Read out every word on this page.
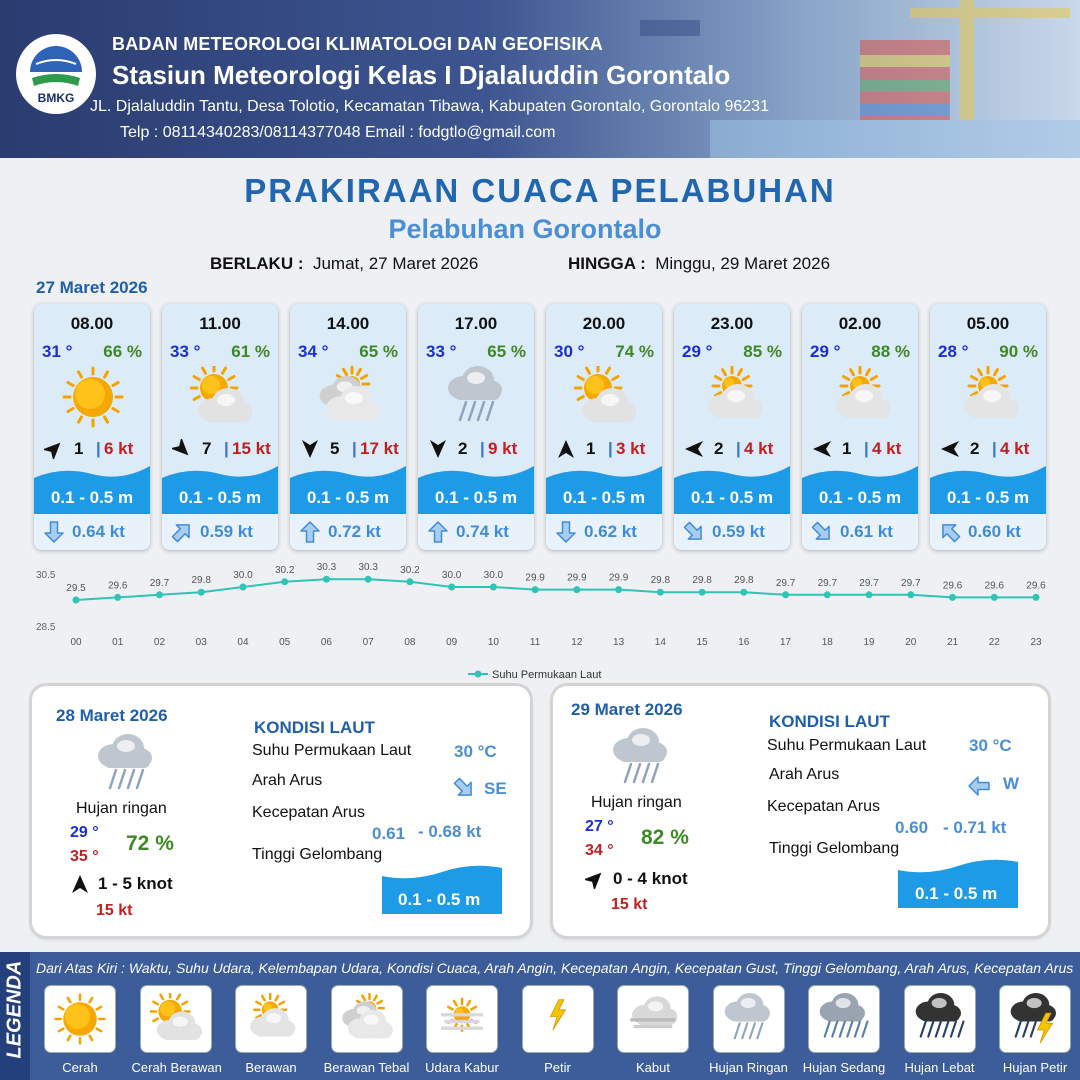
BMKG
BADAN METEOROLOGI KLIMATOLOGI DAN GEOFISIKA
Stasiun Meteorologi Kelas I Djalaluddin Gorontalo
JL. Djalaluddin Tantu, Desa Tolotio, Kecamatan Tibawa, Kabupaten Gorontalo, Gorontalo 96231
Telp : 08114340283/08114377048 Email : fodgtlo@gmail.com
PRAKIRAAN CUACA PELABUHAN
Pelabuhan Gorontalo
BERLAKU : Jumat, 27 Maret 2026	HINGGA : Minggu, 29 Maret 2026
27 Maret 2026
08.00
31 ° 66 %
1 | 6 kt
0.1 - 0.5 m
0.64 kt
11.00
33 ° 61 %
7 | 15 kt
0.1 - 0.5 m
0.59 kt
14.00
34 ° 65 %
5 | 17 kt
0.1 - 0.5 m
0.72 kt
17.00
33 ° 65 %
2 | 9 kt
0.1 - 0.5 m
0.74 kt
20.00
30 ° 74 %
1 | 3 kt
0.1 - 0.5 m
0.62 kt
23.00
29 ° 85 %
2 | 4 kt
0.1 - 0.5 m
0.59 kt
02.00
29 ° 88 %
1 | 4 kt
0.1 - 0.5 m
0.61 kt
05.00
28 ° 90 %
2 | 4 kt
0.1 - 0.5 m
0.60 kt
30.5
28.5
29.5
00
29.6
01
29.7
02
29.8
03
30.0
04
30.2
05
30.3
06
30.3
07
30.2
08
30.0
09
30.0
10
29.9
11
29.9
12
29.9
13
29.8
14
29.8
15
29.8
16
29.7
17
29.7
18
29.7
19
29.7
20
29.6
21
29.6
22
29.6
23
Suhu Permukaan Laut
28 Maret 2026
Hujan ringan
29 °
35 °
72 %
1 - 5 knot
15 kt
KONDISI LAUT
Suhu Permukaan Laut	30 °C
Arah Arus	SE
Kecepatan Arus
0.61 - 0.68 kt
Tinggi Gelombang
0.1 - 0.5 m
29 Maret 2026
Hujan ringan
27 °
34 °
82 %
0 - 4 knot
15 kt
KONDISI LAUT
Suhu Permukaan Laut	30 °C
Arah Arus	W
Kecepatan Arus
0.60 - 0.71 kt
Tinggi Gelombang
0.1 - 0.5 m
LEGENDA Dari Atas Kiri : Waktu, Suhu Udara, Kelembapan Udara, Kondisi Cuaca, Arah Angin, Kecepatan Angin, Kecepatan Gust, Tinggi Gelombang, Arah Arus, Kecepatan Arus
Cerah	Cerah Berawan	Berawan	Berawan Tebal	Udara Kabur	Petir	Kabut	Hujan Ringan	Hujan Sedang	Hujan Lebat	Hujan Petir
